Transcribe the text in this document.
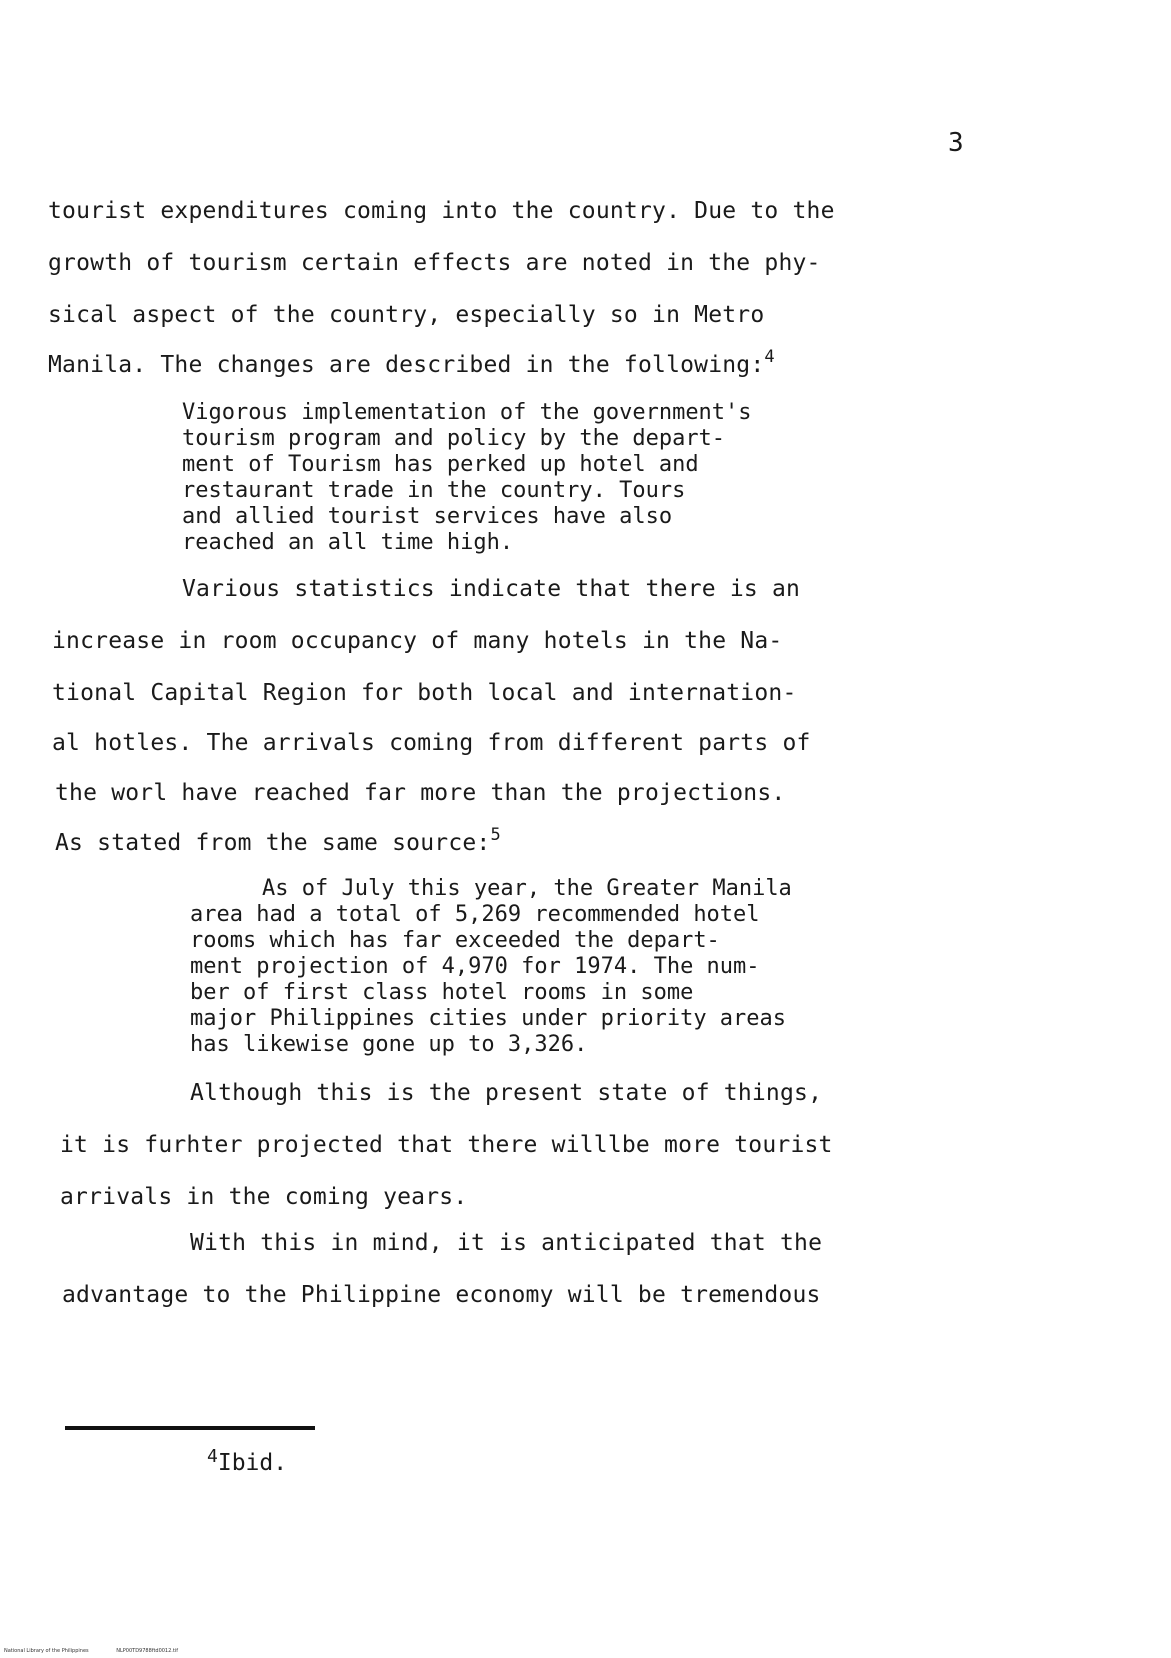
3
tourist expenditures coming into the country. Due to the
growth of tourism certain effects are noted in the phy-
sical aspect of the country, especially so in Metro
Manila. The changes are described in the following:$^4$
Vigorous implementation of the government's
tourism program and policy by the depart-
ment of Tourism has perked up hotel and
restaurant trade in the country. Tours
and allied tourist services have also
reached an all time high.
Various statistics indicate that there is an
increase in room occupancy of many hotels in the Na-
tional Capital Region for both local and internation-
al hotles. The arrivals coming from different parts of
the worl have reached far more than the projections.
As stated from the same source:$^5$
As of July this year, the Greater Manila
area had a total of 5,269 recommended hotel
rooms which has far exceeded the depart-
ment projection of 4,970 for 1974. The num-
ber of first class hotel rooms in some
major Philippines cities under priority areas
has likewise gone up to 3,326.
Although this is the present state of things,
it is furhter projected that there willlbe more tourist
arrivals in the coming years.
With this in mind, it is anticipated that the
advantage to the Philippine economy will be tremendous
$^4$Ibid.
National Library of the Philippines	NLP00TD9788ftd0012.tif
